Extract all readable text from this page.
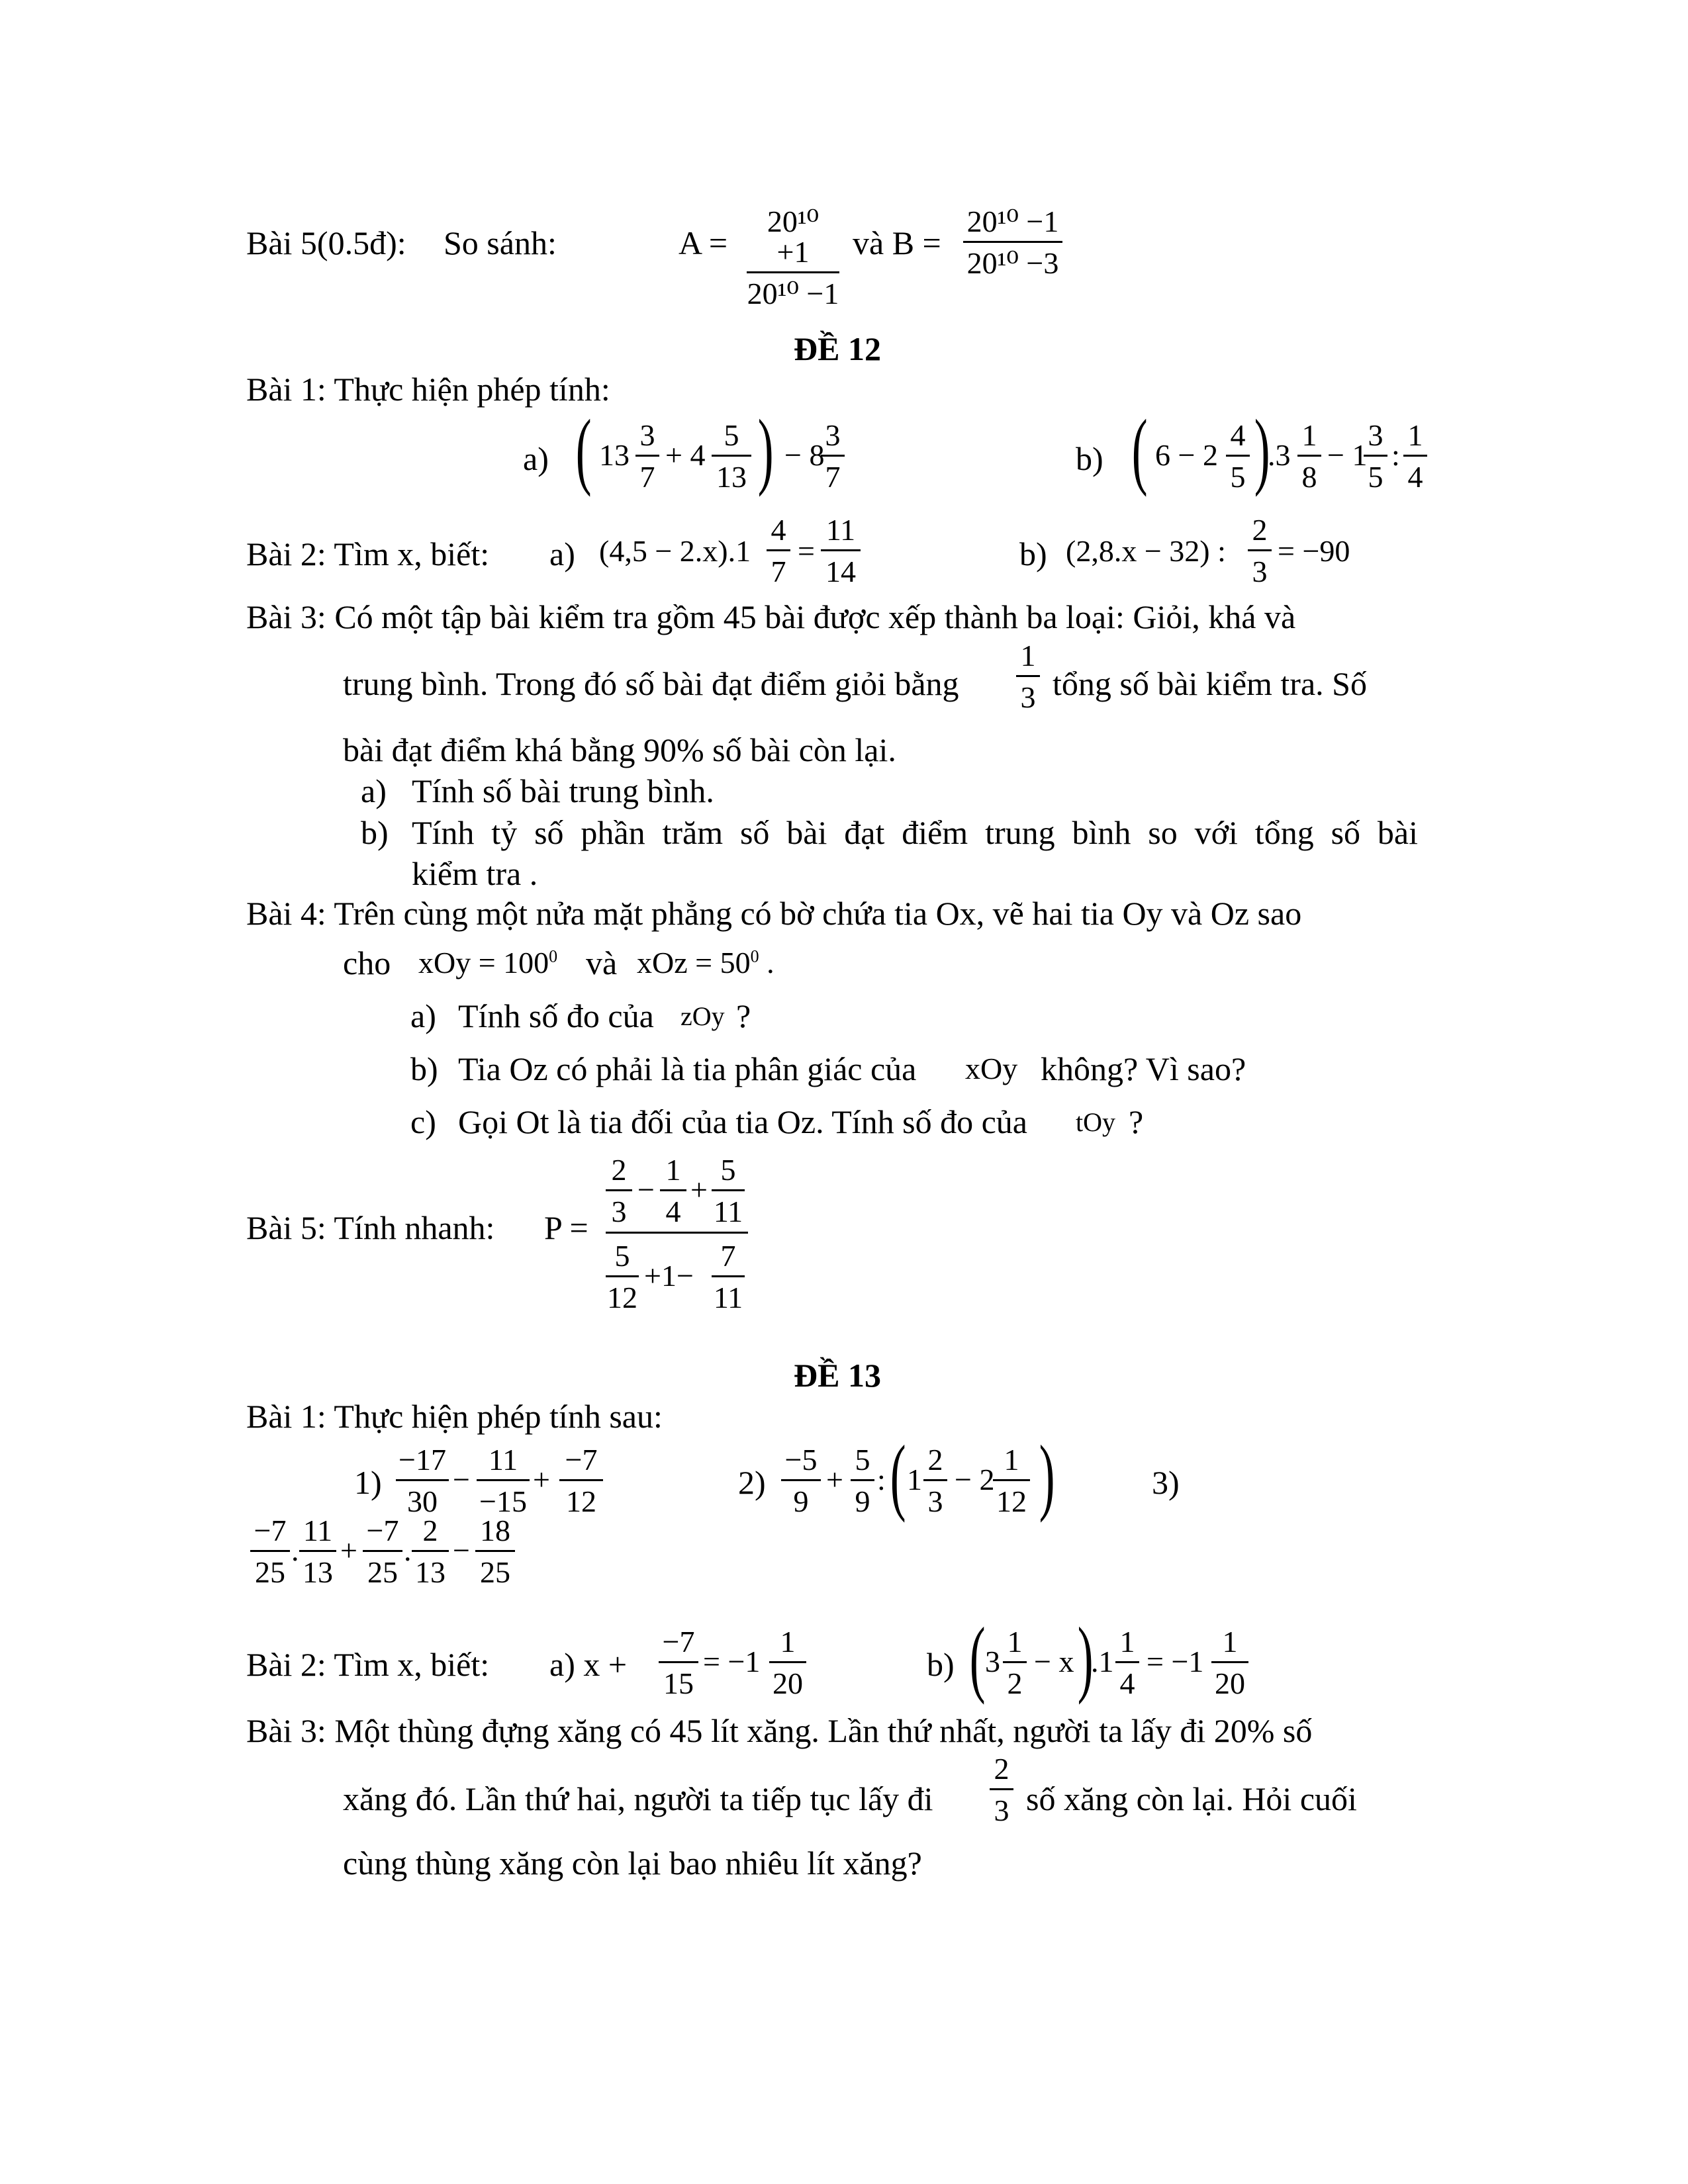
Bài 5(0.5đ): So sánh:	$A = \frac{\text{20¹⁰ +1}}{\text{20¹⁰ −1}}$ và $B = \frac{\text{20¹⁰ −1}}{\text{20¹⁰ −3}}$
ĐỀ 12
Bài 1: Thực hiện phép tính:
a) ( $13 \frac{3}{7} + 4 \frac{5}{13}$ ) − 8
$\frac{3}{7}$	b) ( $6 - 2 \frac{4}{5}$ )
$.3 \frac{1}{8} - 1$
$\frac{3}{5}$ : $\frac{1}{4}$
Bài 2: Tìm x, biết: a) $(4,5 - 2.x).1 \frac{4}{7} = \frac{11}{14}$	b) (2,8.x − 32) : $\frac{2}{3} = -90$
Bài 3: Có một tập bài kiểm tra gồm 45 bài được xếp thành ba loại: Giỏi, khá và
trung bình. Trong đó số bài đạt điểm giỏi bằng $\frac{1}{3}$ tổng số bài kiểm tra. Số
bài đạt điểm khá bằng 90% số bài còn lại.
a) Tính số bài trung bình.
b) Tính tỷ số phần trăm số bài đạt điểm trung bình so với tổng số bài
kiểm tra .
Bài 4: Trên cùng một nửa mặt phẳng có bờ chứa tia Ox, vẽ hai tia Oy và Oz sao
cho xOy = $100^0$ và xOz = $50^0$ .
a) Tính số đo của zOy ?
b) Tia Oz có phải là tia phân giác của xOy không? Vì sao?
c) Gọi Ot là tia đối của tia Oz. Tính số đo của tOy ?
Bài 5: Tính nhanh: P =
$\frac{2}{3} - \frac{1}{4} + \frac{5}{11}$
$\frac{5}{12} +1- \frac{7}{11}$
ĐỀ 13
Bài 1: Thực hiện phép tính sau:
$1) \frac{-17}{30} - \frac{11}{-15} + \frac{-7}{12}$	$2) \frac{-5}{9} + \frac{5}{9}$ : ( $1 \frac{2}{3} - 2$
$\frac{1}{12}$ )	3)
$\frac{-7}{25}$ . $\frac{11}{13} + \frac{-7}{25}$ . $\frac{2}{13} - \frac{18}{25}$
Bài 2: Tìm x, biết: a) $x + \frac{-7}{15} = -1 \frac{1}{20}$	b) ( $3 \frac{1}{2} - x$ )
$.1 \frac{1}{4} = -1 \frac{1}{20}$
Bài 3: Một thùng đựng xăng có 45 lít xăng. Lần thứ nhất, người ta lấy đi 20% số
xăng đó. Lần thứ hai, người ta tiếp tục lấy đi $\frac{2}{3}$ số xăng còn lại. Hỏi cuối
cùng thùng xăng còn lại bao nhiêu lít xăng?
